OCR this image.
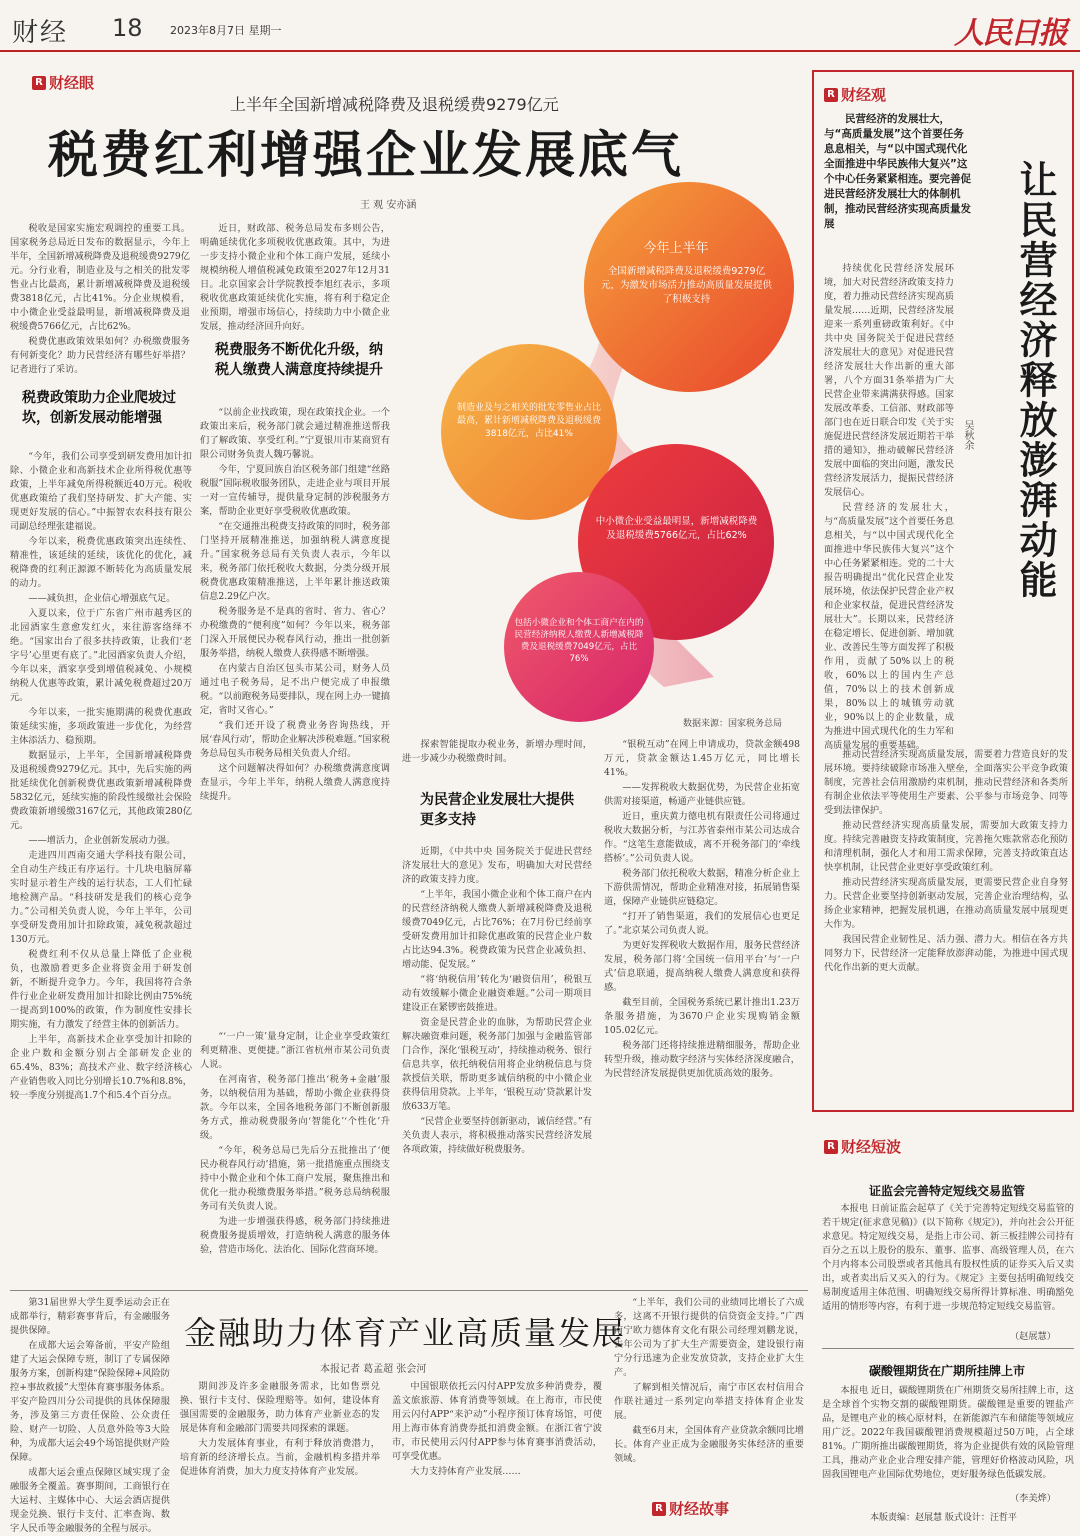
财经 18 2023年8月7日 星期一	人民日报
R 财经眼
上半年全国新增减税降费及退税缓费9279亿元
税费红利增强企业发展底气
王 观 安亦涵

税收是国家实施宏观调控的重要工具。国家税务总局近日发布的数据显示，今年上半年，全国新增减税降费及退税缓费9279亿元。分行业看，制造业及与之相关的批发零售业占比最高，累计新增减税降费及退税缓费3818亿元，占比41%。分企业规模看，中小微企业受益最明显，新增减税降费及退税缓费5766亿元，占比62%。

税费优惠政策效果如何？办税缴费服务有何新变化？助力民营经济有哪些好举措？记者进行了采访。

税费政策助力企业爬坡过坎，创新发展动能增强

“今年，我们公司享受到研发费用加计扣除、小微企业和高新技术企业所得税优惠等政策，上半年减免所得税额近40万元。税收优惠政策给了我们坚持研发、扩大产能、实现更好发展的信心。”中振智农农科技有限公司副总经理张建福说。

今年以来，税费优惠政策突出连续性、精准性，该延续的延续，该优化的优化，减税降费的红利正源源不断转化为高质量发展的动力。

——减负担，企业信心增强底气足。

入夏以来，位于广东省广州市越秀区的北园酒家生意愈发红火，来往游客络绎不绝。“国家出台了很多扶持政策，让我们‘老字号’心里更有底了。”北园酒家负责人介绍，今年以来，酒家享受到增值税减免、小规模纳税人优惠等政策，累计减免税费超过20万元。

今年以来，一批实施期满的税费优惠政策延续实施，多项政策进一步优化，为经营主体添活力、稳预期。

数据显示，上半年，全国新增减税降费及退税缓费9279亿元。其中，先后实施的两批延续优化创新税费优惠政策新增减税降费5832亿元，延续实施的阶段性缓缴社会保险费政策新增缓缴3167亿元，其他政策280亿元。

——增活力，企业创新发展动力强。

走进四川西南交通大学科技有限公司，全自动生产线正有序运行。十几块电脑屏幕实时显示着生产线的运行状态，工人们忙碌地检测产品。“科技研发是我们的核心竞争力。”公司相关负责人说，今年上半年，公司享受研发费用加计扣除政策，减免税款超过130万元。

税费红利不仅从总量上降低了企业税负，也激励着更多企业将资金用于研发创新，不断提升竞争力。今年，我国将符合条件行业企业研发费用加计扣除比例由75%统一提高到100%的政策，作为制度性安排长期实施，有力激发了经营主体的创新活力。

上半年，高新技术企业享受加计扣除的企业户数和金额分别占全部研发企业的65.4%、83%；高技术产业、数字经济核心产业销售收入同比分别增长10.7%和8.8%，较一季度分别提高1.7个和5.4个百分点。

近日，财政部、税务总局发布多则公告，明确延续优化多项税收优惠政策。其中，为进一步支持小微企业和个体工商户发展，延续小规模纳税人增值税减免政策至2027年12月31日。北京国家会计学院教授李旭红表示，多项税收优惠政策延续优化实施，将有利于稳定企业预期，增强市场信心，持续助力中小微企业发展，推动经济回升向好。

税费服务不断优化升级，纳税人缴费人满意度持续提升

“以前企业找政策，现在政策找企业。一个政策出来后，税务部门就会通过精准推送帮我们了解政策、享受红利。”宁夏银川市某商贸有限公司财务负责人魏巧馨说。

今年，宁夏回族自治区税务部门组建“丝路税服”国际税收服务团队，走进企业与项目开展一对一宣传辅导，提供量身定制的涉税服务方案，帮助企业更好享受税收优惠政策。

“在交通推出税费支持政策的同时，税务部门坚持开展精准推送，加强纳税人满意度提升。”国家税务总局有关负责人表示，今年以来，税务部门依托税收大数据，分类分级开展税费优惠政策精准推送，上半年累计推送政策信息2.29亿户次。

税务服务是不是真的省时、省力、省心？办税缴费的“便利度”如何？今年以来，税务部门深入开展便民办税春风行动，推出一批创新服务举措，纳税人缴费人获得感不断增强。

在内蒙古自治区包头市某公司，财务人员通过电子税务局，足不出户便完成了申报缴税。“以前跑税务局要排队，现在网上办一键搞定，省时又省心。”

“我们还开设了税费业务咨询热线，开展‘春风行动’，帮助企业解决涉税难题。”国家税务总局包头市税务局相关负责人介绍。

这个问题解决得如何？办税缴费满意度调查显示，今年上半年，纳税人缴费人满意度持续提升。

“‘一户一策’量身定制，让企业享受政策红利更精准、更便捷。”浙江省杭州市某公司负责人说。

在河南省，税务部门推出‘税务+金融’服务，以纳税信用为基础，帮助小微企业获得贷款。今年以来，全国各地税务部门不断创新服务方式，推动税费服务向‘智能化’‘个性化’升级。

“今年，税务总局已先后分五批推出了‘便民办税春风行动’措施，第一批措施重点围绕支持中小微企业和个体工商户发展，聚焦推出和优化一批办税缴费服务举措。”税务总局纳税服务司有关负责人说。

为进一步增强获得感，税务部门持续推进税费服务提质增效，打造纳税人满意的服务体验，营造市场化、法治化、国际化营商环境。

今年上半年
全国新增减税降费及退税缓费9279亿元，为激发市场活力推动高质量发展提供了积极支持
制造业及与之相关的批发零售业占比最高，累计新增减税降费及退税缓费3818亿元，占比41%
中小微企业受益最明显，新增减税降费及退税缓费5766亿元，占比62%
包括小微企业和个体工商户在内的民营经济纳税人缴费人新增减税降费及退税缓费7049亿元，占比76%
数据来源：国家税务总局

探索智能提取办税业务，新增办理时间，进一步减少办税缴费时间。

为民营企业发展壮大提供更多支持

近期，《中共中央 国务院关于促进民营经济发展壮大的意见》发布，明确加大对民营经济的政策支持力度。

“上半年，我国小微企业和个体工商户在内的民营经济纳税人缴费人新增减税降费及退税缓费7049亿元，占比76%；在7月份已经前享受研发费用加计扣除优惠政策的民营企业户数占比达94.3%。税费政策为民营企业减负担、增动能、促发展。”

“将‘纳税信用’转化为‘融资信用’，税银互动有效缓解小微企业融资难题。”公司一期项目建设正在紧锣密鼓推进。

资金是民营企业的血脉，为帮助民营企业解决融资难问题，税务部门加强与金融监管部门合作，深化‘银税互动’，持续推动税务、银行信息共享，依托纳税信用将企业纳税信息与贷款授信关联，帮助更多诚信纳税的中小微企业获得信用贷款。上半年，‘银税互动’贷款累计发放633万笔。

“民营企业要坚持创新驱动，诚信经营。”有关负责人表示，将积极推动落实民营经济发展各项政策，持续做好税费服务。

“银税互动”在网上申请成功，贷款金额498万元，贷款金额达1.45万亿元，同比增长41%。

——发挥税收大数据优势，为民营企业拓宽供需对接渠道，畅通产业链供应链。

近日，重庆黄力德电机有限责任公司将通过税收大数据分析，与江苏省泰州市某公司达成合作。“这笔生意能做成，离不开税务部门的‘牵线搭桥’。”公司负责人说。

税务部门依托税收大数据，精准分析企业上下游供需情况，帮助企业精准对接，拓展销售渠道，保障产业链供应链稳定。

“打开了销售渠道，我们的发展信心也更足了。”北京某公司负责人说。

为更好发挥税收大数据作用，服务民营经济发展，税务部门将‘全国统一信用平台’与‘一户式’信息联通，提高纳税人缴费人满意度和获得感。

截至目前，全国税务系统已累计推出1.23万条服务措施，为3670户企业实现购销金额105.02亿元。

税务部门还将持续推进精细服务，帮助企业转型升级，推动数字经济与实体经济深度融合，为民营经济发展提供更加优质高效的服务。

R 财经观
民营经济的发展壮大，与“高质量发展”这个首要任务息息相关，与“以中国式现代化全面推进中华民族伟大复兴”这个中心任务紧紧相连。要完善促进民营经济发展壮大的体制机制，推动民营经济实现高质量发展	让民营经济释放澎湃动能
吴秋余

持续优化民营经济发展环境，加大对民营经济政策支持力度，着力推动民营经济实现高质量发展……近期，民营经济发展迎来一系列重磅政策利好。《中共中央 国务院关于促进民营经济发展壮大的意见》对促进民营经济发展壮大作出新的重大部署，八个方面31条举措为广大民营企业带来满满获得感。国家发展改革委、工信部、财政部等部门也在近日联合印发《关于实施促进民营经济发展近期若干举措的通知》，推动破解民营经济发展中面临的突出问题，激发民营经济发展活力，提振民营经济发展信心。

民营经济的发展壮大，与“高质量发展”这个首要任务息息相关，与“以中国式现代化全面推进中华民族伟大复兴”这个中心任务紧紧相连。党的二十大报告明确提出“优化民营企业发展环境，依法保护民营企业产权和企业家权益，促进民营经济发展壮大”。长期以来，民营经济在稳定增长、促进创新、增加就业、改善民生等方面发挥了积极作用，贡献了50%以上的税收，60%以上的国内生产总值，70%以上的技术创新成果，80%以上的城镇劳动就业，90%以上的企业数量，成为推进中国式现代化的生力军和高质量发展的重要基础。

推动民营经济实现高质量发展，需要着力营造良好的发展环境。要持续破除市场准入壁垒，全面落实公平竞争政策制度，完善社会信用激励约束机制，推动民营经济和各类所有制企业依法平等使用生产要素、公平参与市场竞争、同等受到法律保护。

推动民营经济实现高质量发展，需要加大政策支持力度。持续完善融资支持政策制度，完善拖欠账款常态化预防和清理机制，强化人才和用工需求保障，完善支持政策直达快享机制，让民营企业更好享受政策红利。

推动民营经济实现高质量发展，更需要民营企业自身努力。民营企业要坚持创新驱动发展，完善企业治理结构，弘扬企业家精神，把握发展机遇，在推动高质量发展中展现更大作为。

我国民营企业韧性足、活力强、潜力大。相信在各方共同努力下，民营经济一定能释放澎湃动能，为推进中国式现代化作出新的更大贡献。

R 财经短波
证监会完善特定短线交易监管

本报电 日前证监会起草了《关于完善特定短线交易监管的若干规定(征求意见稿)》(以下简称《规定》)，并向社会公开征求意见。特定短线交易，是指上市公司、新三板挂牌公司持有百分之五以上股份的股东、董事、监事、高级管理人员，在六个月内将本公司股票或者其他具有股权性质的证券买入后又卖出，或者卖出后又买入的行为。《规定》主要包括明确短线交易制度适用主体范围、明确短线交易所得计算标准、明确豁免适用的情形等内容，有利于进一步规范特定短线交易监管。

（赵展慧）
碳酸锂期货在广期所挂牌上市

本报电 近日，碳酸锂期货在广州期货交易所挂牌上市，这是全球首个实物交割的碳酸锂期货。碳酸锂是重要的锂盐产品，是锂电产业的核心原材料，在新能源汽车和储能等领域应用广泛。2022年我国碳酸锂消费规模超过50万吨，占全球81%。广期所推出碳酸锂期货，将为企业提供有效的风险管理工具，推动产业企业合理安排产能，管理好价格波动风险，巩固我国锂电产业国际优势地位，更好服务绿色低碳发展。

（李美烨）

第31届世界大学生夏季运动会正在成都举行，精彩赛事背后，有金融服务提供保障。

在成都大运会筹备前，平安产险组建了大运会保障专班，制订了专属保障服务方案，创新构建“保险保障+风险防控+事故救援”大型体育赛事服务体系。平安产险四川分公司提供的具体保障服务，涉及第三方责任保险、公众责任险、财产一切险、人员意外险等3大险种，为成都大运会49个场馆提供财产险保障。

成都大运会重点保障区域实现了金融服务全覆盖。赛事期间，工商银行在大运村、主媒体中心、大运会酒店提供现金兑换、银行卡支付、汇率查询、数字人民币等金融服务的全程与展示。

金融助力体育产业高质量发展
本报记者 葛孟超 张会河

期间涉及许多金融服务需求，比如售票兑换、银行卡支付、保险理赔等。如何，建设体育强国需要的金融服务，助力体育产业新业态的发展是体育和金融部门需要共同探索的课题。

大力发展体育事业，有利于释放消费潜力，培育新的经济增长点。当前，金融机构多措并举促进体育消费，加大力度支持体育产业发展。

中国银联依托云闪付APP发放多种消费券，覆盖文旅旅游、体育消费等领域。在上海市，市民使用云闪付APP“来沪动”小程序预订体育场馆，可使用上海市体育消费券抵扣消费金额。在浙江省宁波市，市民使用云闪付APP参与体育赛事消费活动，可享受优惠。

大力支持体育产业发展……

“上半年，我们公司的业绩同比增长了六成多，这离不开银行提供的信贷资金支持。”广西南宁欧力德体育文化有限公司经理刘鹏龙说，去年公司为了扩大生产需要资金，建设银行南宁分行迅速为企业发放贷款，支持企业扩大生产。

了解到相关情况后，南宁市区农村信用合作联社通过一系列定向举措支持体育企业发展。

截至6月末，全国体育产业贷款余额同比增长。体育产业正成为金融服务实体经济的重要领域。

R 财经故事	本版责编：赵展慧 版式设计：汪哲平
